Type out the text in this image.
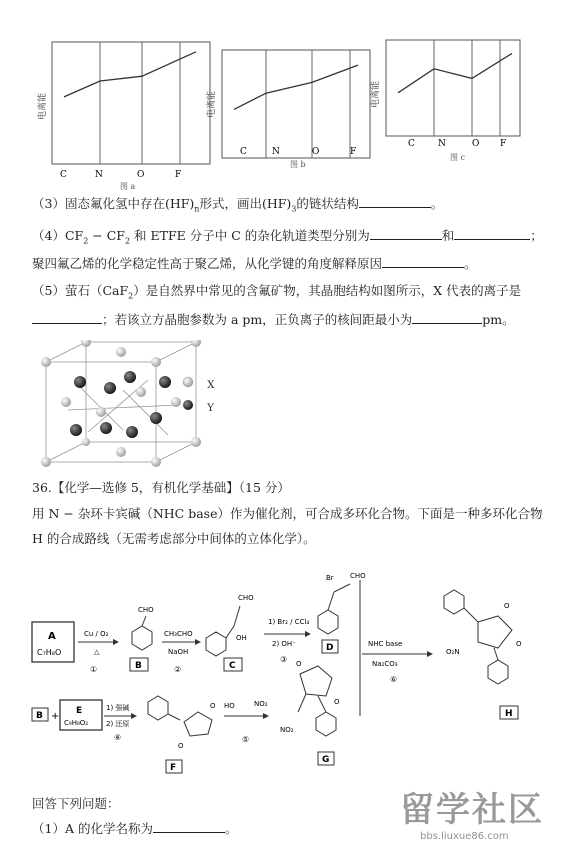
电离能
C	N	O	F
图 a
电离能
C	N	O	F
图 b
电离能
C	N	O F
图 c
（3）固态氟化氢中存在$(HF)_n$形式，画出$(HF)_3$的链状结构	。
$(4)CF_2 - CF_2$ 和 ETFE 分子中 C 的杂化轨道类型分别为	和	；
聚四氟乙烯的化学稳定性高于聚乙烯，从化学键的角度解释原因	。
（5）萤石（CaF$_2$）是自然界中常见的含氟矿物，其晶胞结构如图所示，X 代表的离子是
；若该立方晶胞参数为 a pm，正负离子的核间距最小为	pm。
X
Y
36.【化学—选修 5，有机化学基础】（15 分）
用 N − 杂环卡宾碱（NHC base）作为催化剂，可合成多环化合物。下面是一种多环化合物
H 的合成路线（无需考虑部分中间体的立体化学）。
A
C₇H₈O
Cu / O₂
△
①
CHO
B
CH₃CHO
NaOH
②
CHO
OH
C
1) Br₂ / CCl₄
2) OH⁻
③
Br CHO
D	NHC base
Na₂CO₃
⑥
O
O
O₂N
H
B + E
C₉H₈O₂
1) 强碱
2) 还原
④
O
O
F
HO	NO₂
⑤
O
O
NO₂
G
回答下列问题：
（1）A 的化学名称为	。	留学社区
bbs.liuxue86.com
